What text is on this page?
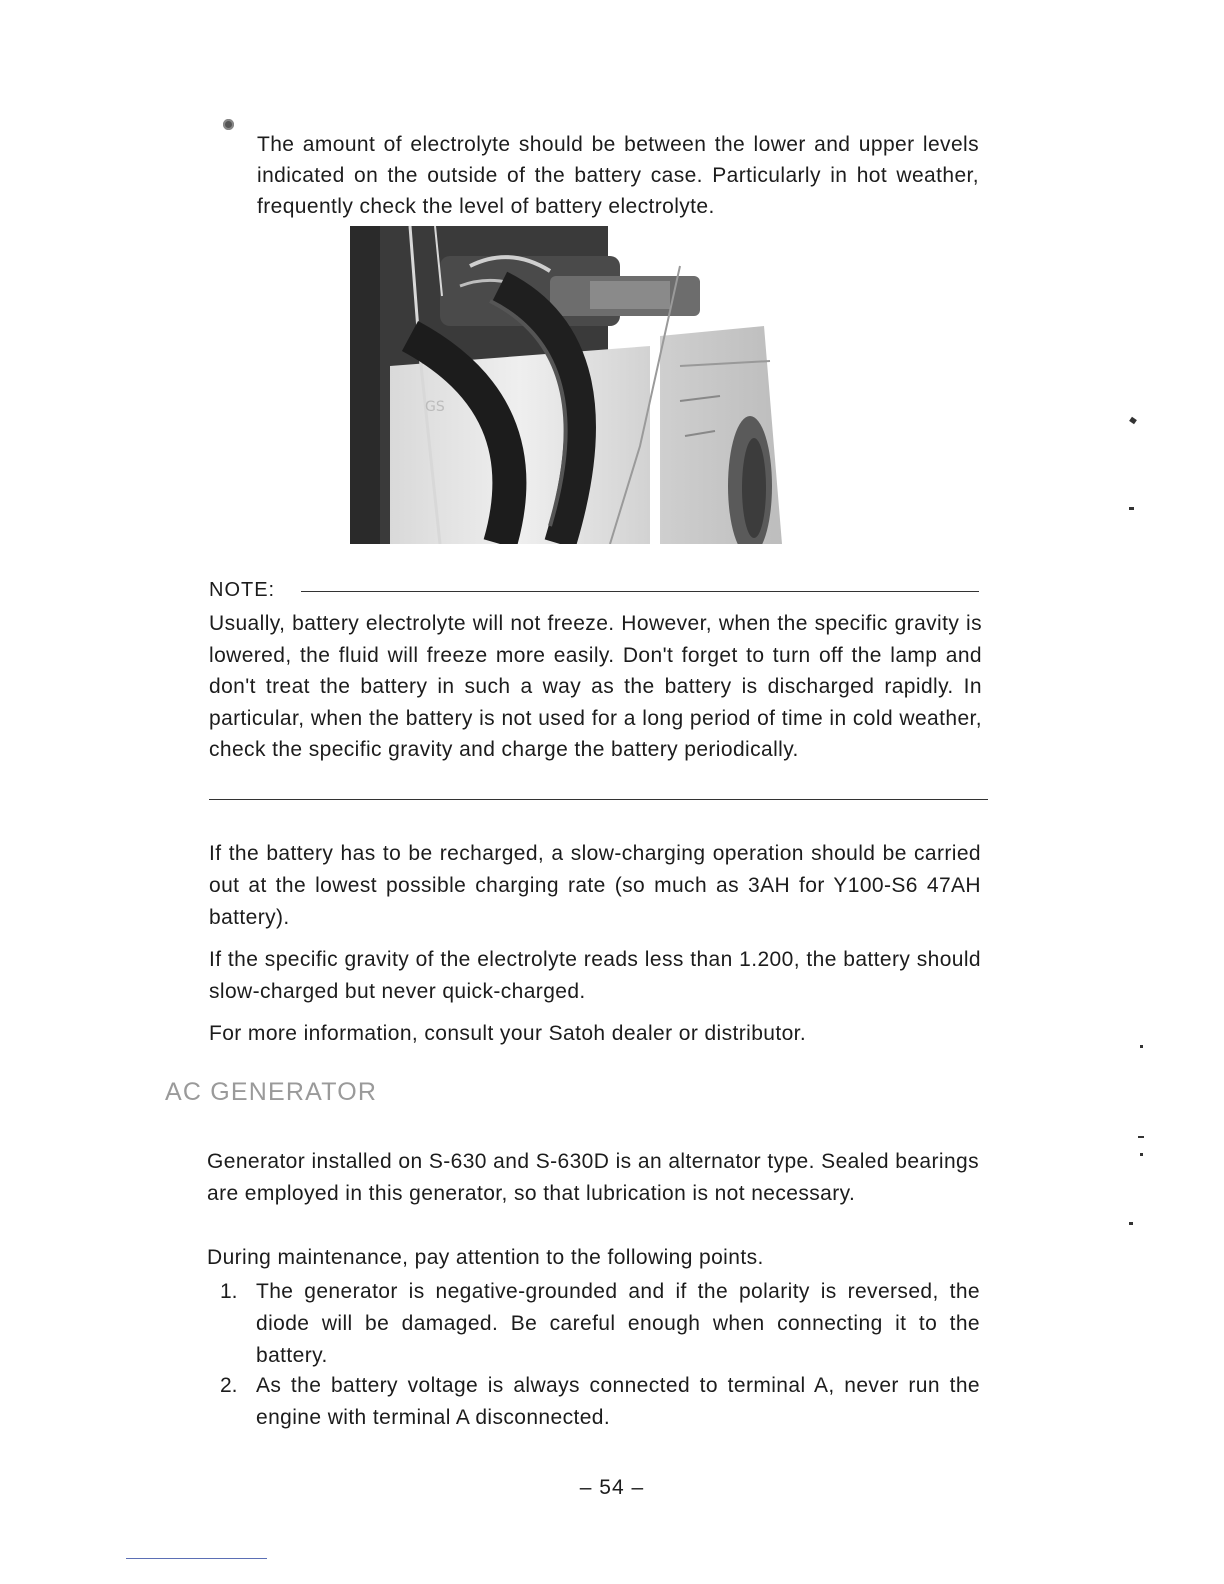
The amount of electrolyte should be between the lower and upper levels indicated on the outside of the battery case. Particularly in hot weather, frequently check the level of battery electrolyte.

GS
NOTE:

Usually, battery electrolyte will not freeze. However, when the specific gravity is lowered, the fluid will freeze more easily. Don't forget to turn off the lamp and don't treat the battery in such a way as the battery is discharged rapidly. In particular, when the battery is not used for a long period of time in cold weather, check the specific gravity and charge the battery periodically.

If the battery has to be recharged, a slow-charging operation should be carried out at the lowest possible charging rate (so much as 3AH for Y100-S6 47AH battery).

If the specific gravity of the electrolyte reads less than 1.200, the battery should slow-charged but never quick-charged.

For more information, consult your Satoh dealer or distributor.

AC GENERATOR

Generator installed on S-630 and S-630D is an alternator type. Sealed bearings are employed in this generator, so that lubrication is not necessary.

During maintenance, pay attention to the following points.

1. The generator is negative-grounded and if the polarity is reversed, the diode will be damaged. Be careful enough when connecting it to the battery.
2. As the battery voltage is always connected to terminal A, never run the engine with terminal A disconnected.
– 54 –
